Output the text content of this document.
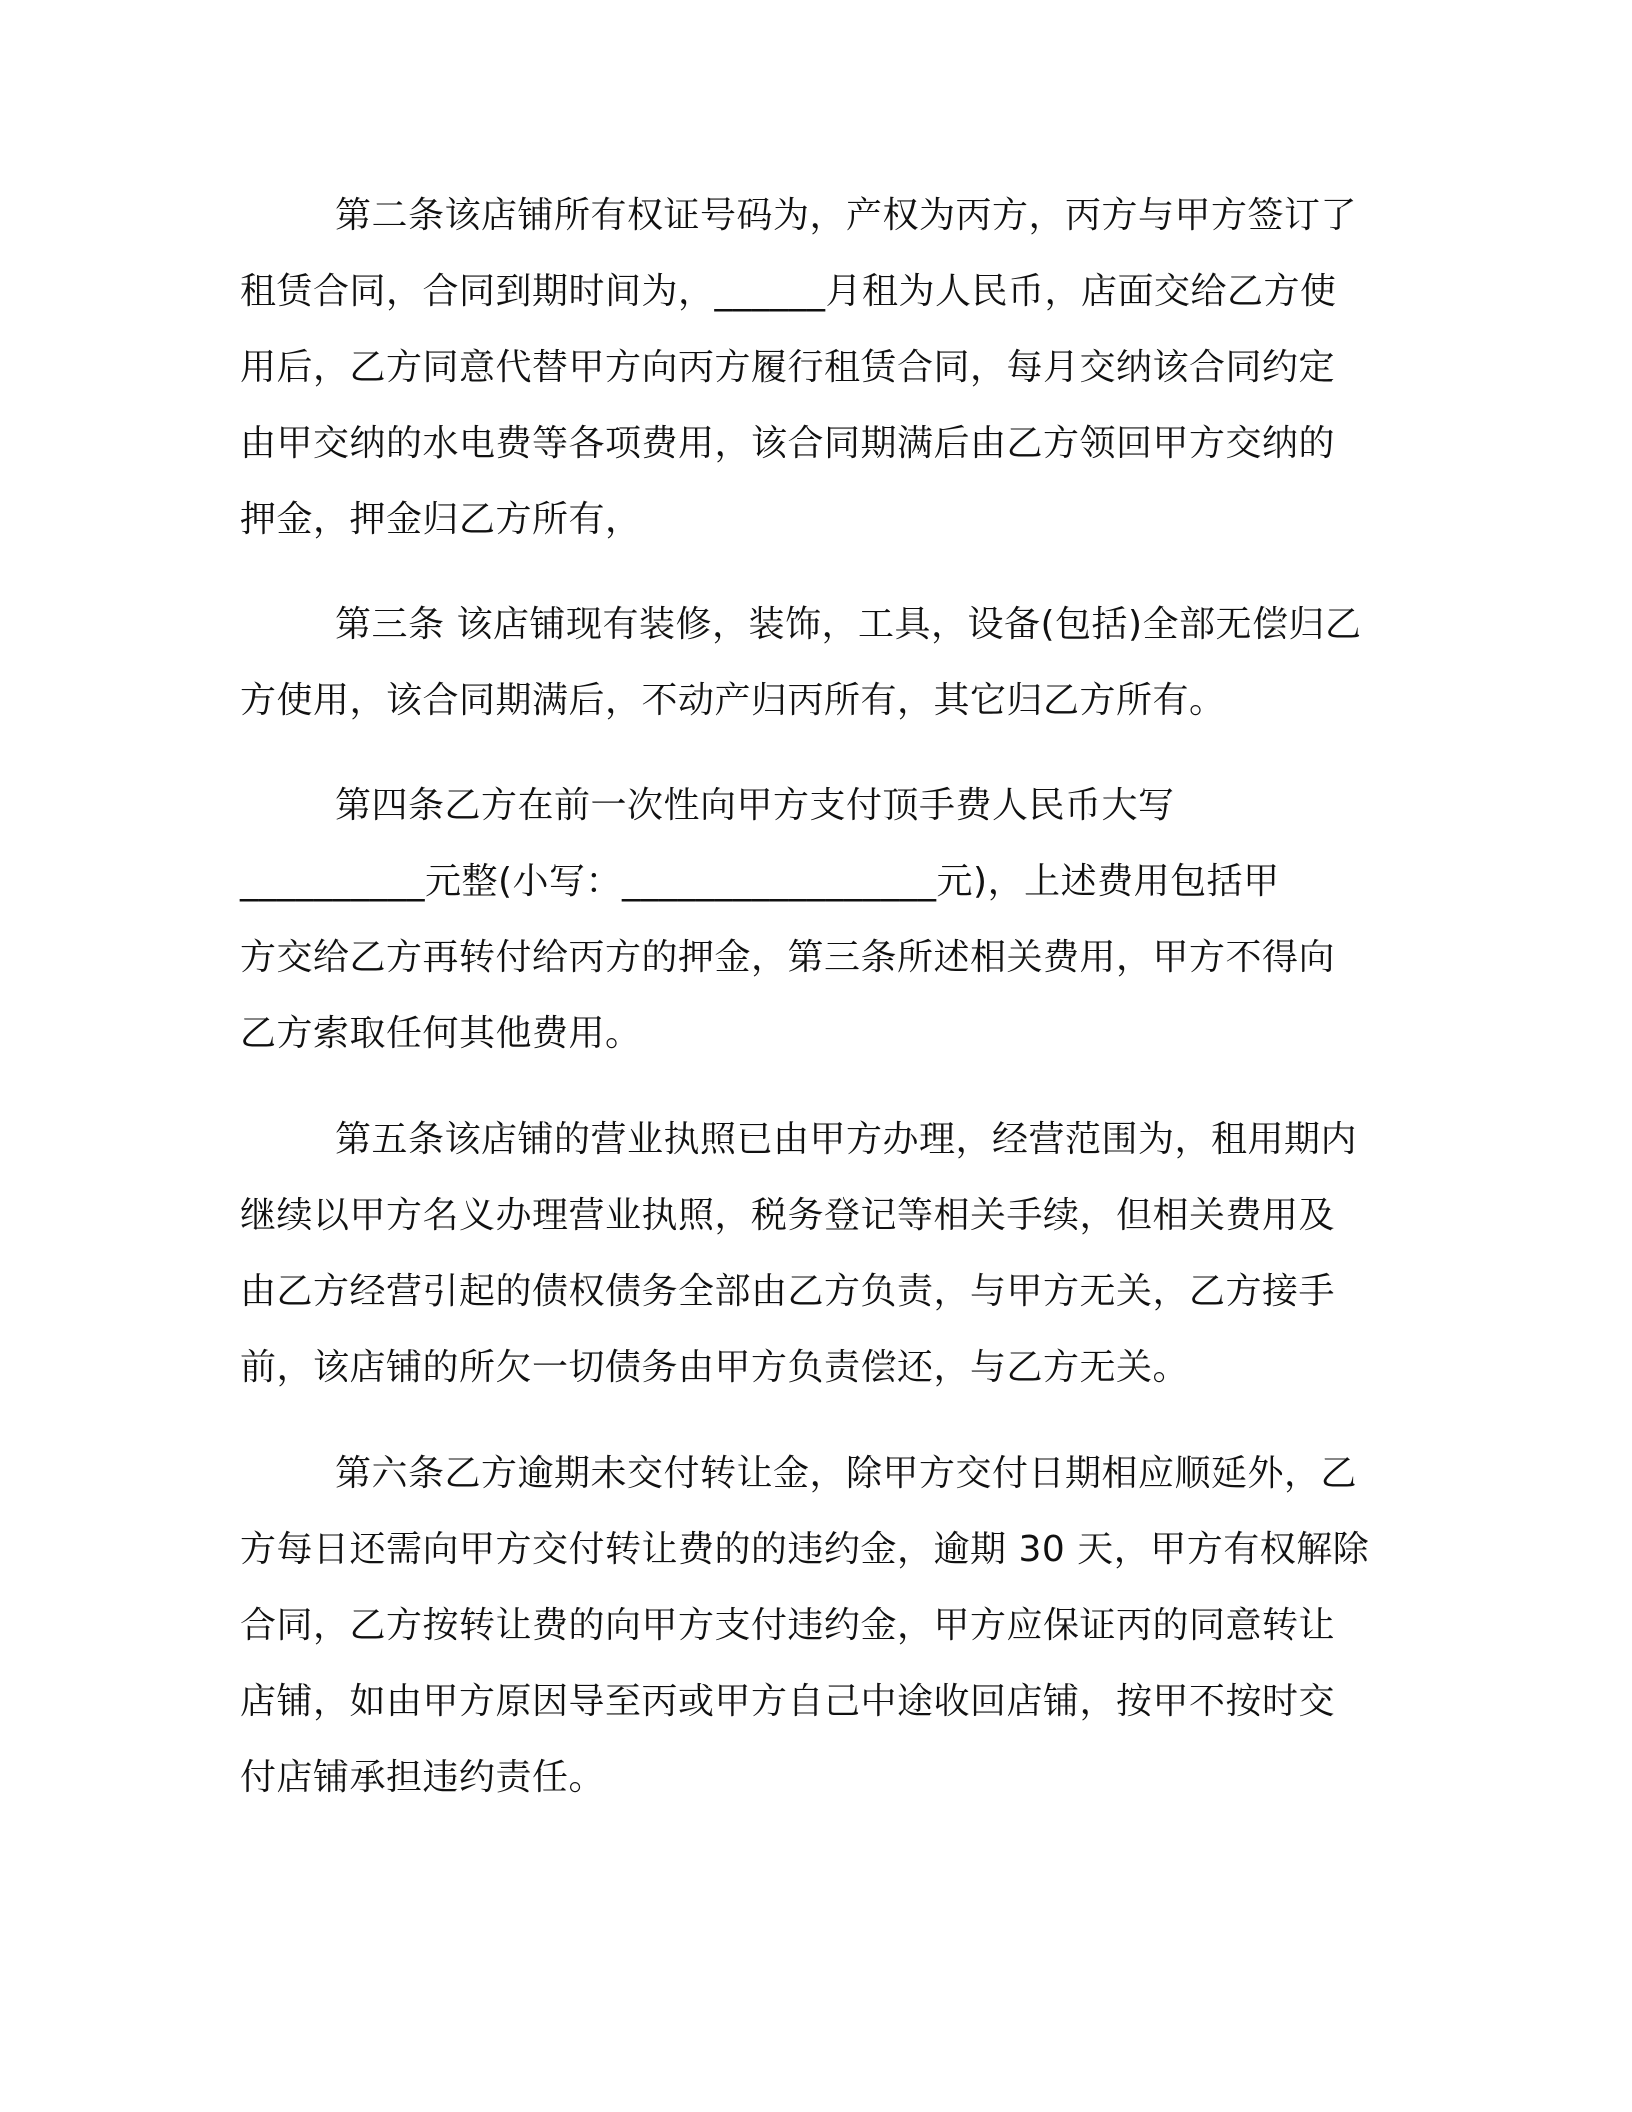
第二条该店铺所有权证号码为，产权为丙方，丙方与甲方签订了

租赁合同，合同到期时间为，______月租为人民币，店面交给乙方使

用后，乙方同意代替甲方向丙方履行租赁合同，每月交纳该合同约定

由甲交纳的水电费等各项费用，该合同期满后由乙方领回甲方交纳的

押金，押金归乙方所有，

第三条 该店铺现有装修，装饰，工具，设备(包括)全部无偿归乙

方使用，该合同期满后，不动产归丙所有，其它归乙方所有。

第四条乙方在前一次性向甲方支付顶手费人民币大写

__________元整(小写：_________________元)，上述费用包括甲

方交给乙方再转付给丙方的押金，第三条所述相关费用，甲方不得向

乙方索取任何其他费用。

第五条该店铺的营业执照已由甲方办理，经营范围为，租用期内

继续以甲方名义办理营业执照，税务登记等相关手续，但相关费用及

由乙方经营引起的债权债务全部由乙方负责，与甲方无关，乙方接手

前，该店铺的所欠一切债务由甲方负责偿还，与乙方无关。

第六条乙方逾期未交付转让金，除甲方交付日期相应顺延外，乙

方每日还需向甲方交付转让费的的违约金，逾期 30 天，甲方有权解除

合同，乙方按转让费的向甲方支付违约金，甲方应保证丙的同意转让

店铺，如由甲方原因导至丙或甲方自己中途收回店铺，按甲不按时交

付店铺承担违约责任。
